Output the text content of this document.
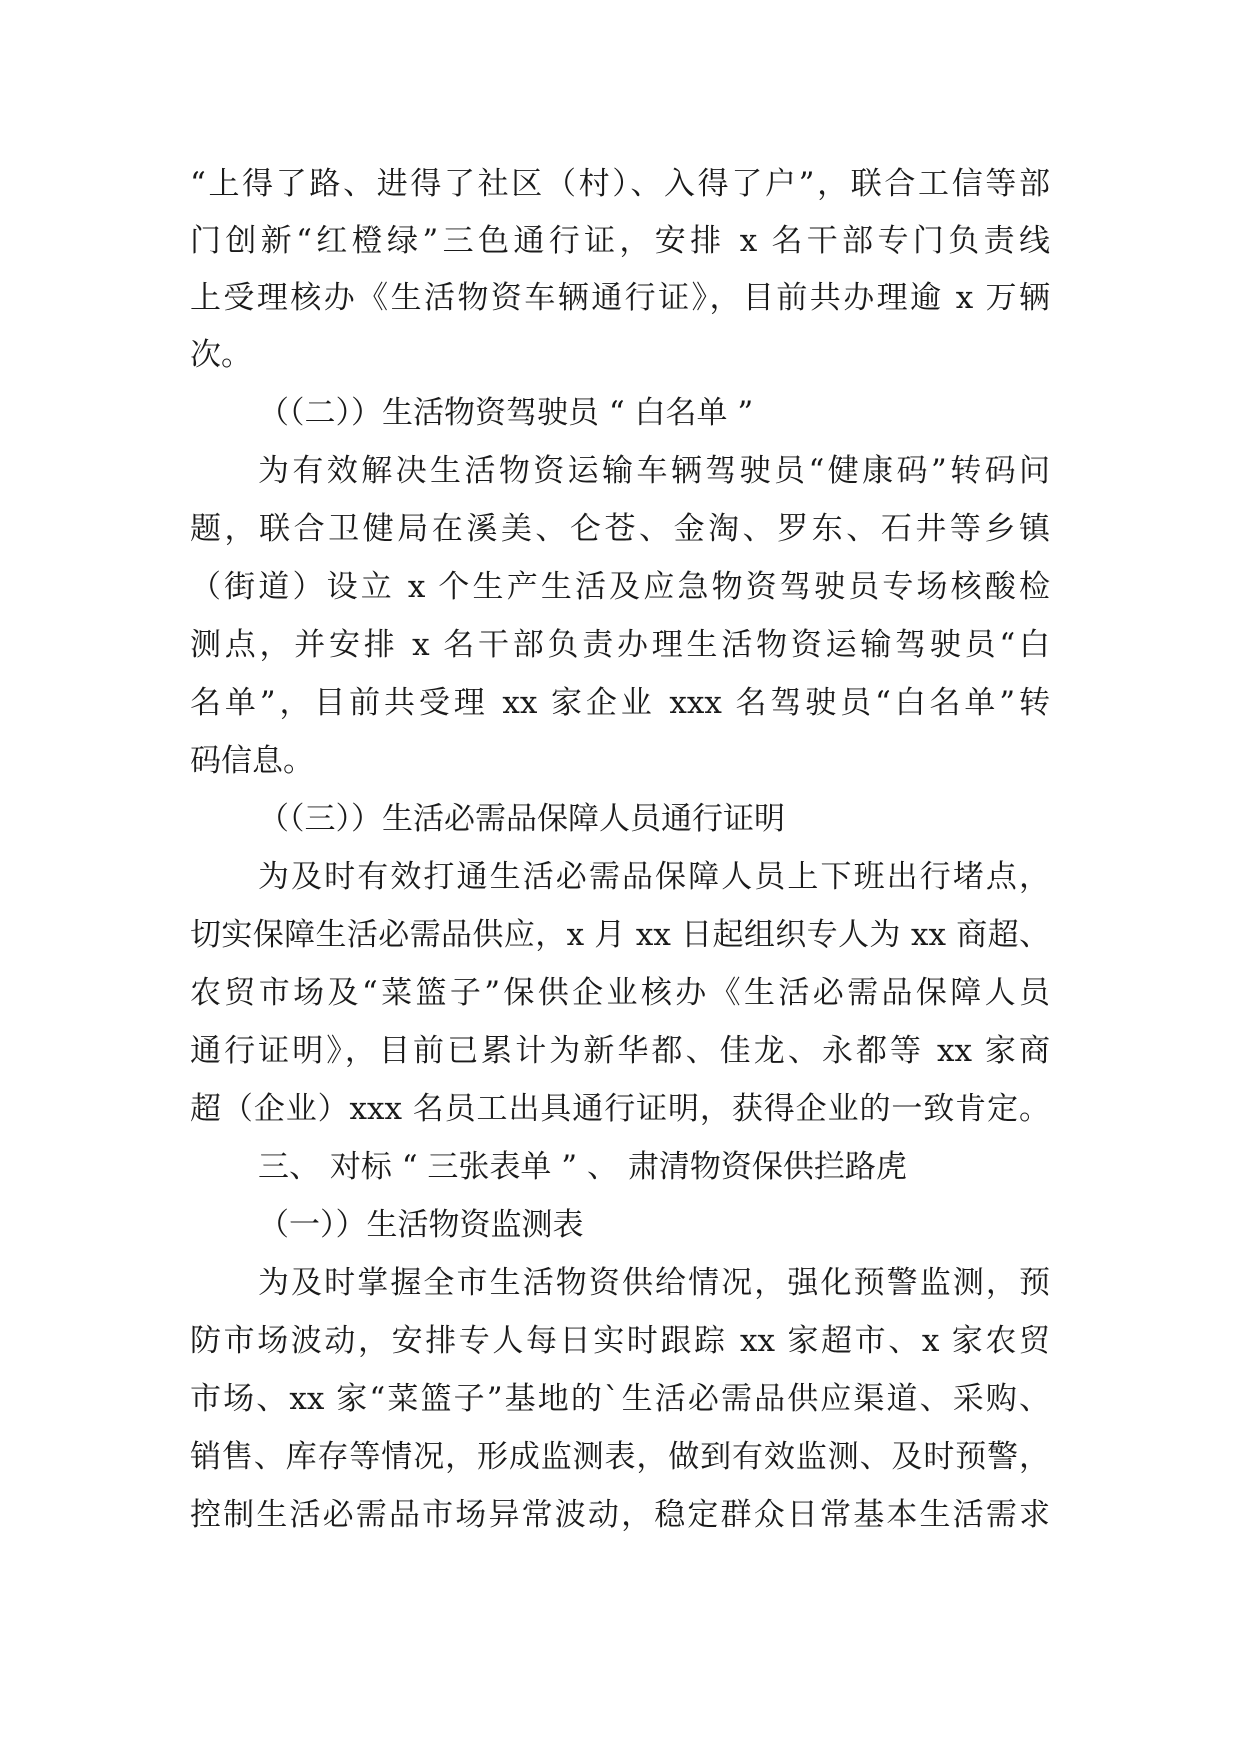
“上得了路、进得了社区（村）、入得了户”，联合工信等部
门创新“红橙绿”三色通行证，安排 x 名干部专门负责线
上受理核办《生活物资车辆通行证》，目前共办理逾 x 万辆
次。
（（二））生活物资驾驶员 “ 白名单 ”
为有效解决生活物资运输车辆驾驶员“健康码”转码问
题，联合卫健局在溪美、仑苍、金淘、罗东、石井等乡镇
（街道）设立 x 个生产生活及应急物资驾驶员专场核酸检
测点，并安排 x 名干部负责办理生活物资运输驾驶员“白
名单”，目前共受理 xx 家企业 xxx 名驾驶员“白名单”转
码信息。
（（三））生活必需品保障人员通行证明
为及时有效打通生活必需品保障人员上下班出行堵点，
切实保障生活必需品供应，x 月 xx 日起组织专人为 xx 商超、
农贸市场及“菜篮子”保供企业核办《生活必需品保障人员
通行证明》，目前已累计为新华都、佳龙、永都等 xx 家商
超（企业）xxx 名员工出具通行证明，获得企业的一致肯定。
三、 对标 “ 三张表单 ” 、 肃清物资保供拦路虎
（一））生活物资监测表
为及时掌握全市生活物资供给情况，强化预警监测，预
防市场波动，安排专人每日实时跟踪 xx 家超市、x 家农贸
市场、xx 家“菜篮子”基地的`生活必需品供应渠道、采购、
销售、库存等情况，形成监测表，做到有效监测、及时预警，
控制生活必需品市场异常波动，稳定群众日常基本生活需求
